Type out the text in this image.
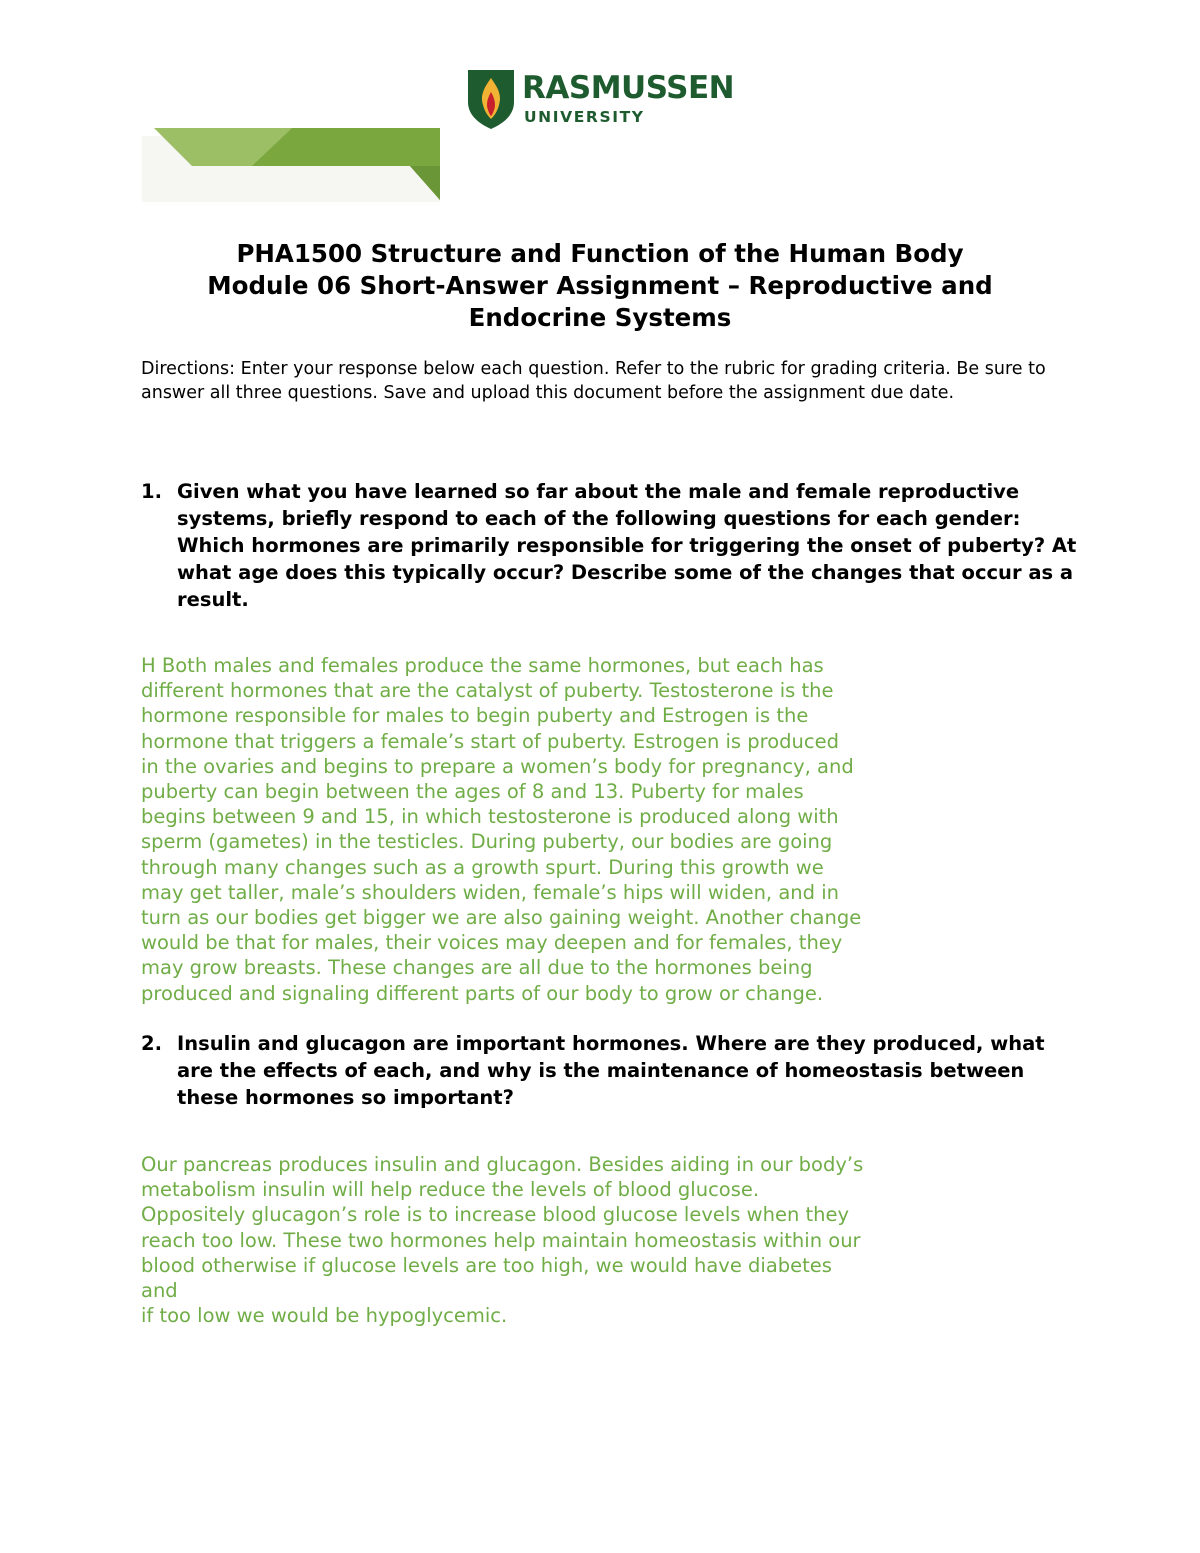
RASMUSSEN
UNIVERSITY
PHA1500 Structure and Function of the Human Body
Module 06 Short-Answer Assignment – Reproductive and
Endocrine Systems
Directions: Enter your response below each question. Refer to the rubric for grading criteria. Be sure to answer all three questions. Save and upload this document before the assignment due date.
1. Given what you have learned so far about the male and female reproductive systems, briefly respond to each of the following questions for each gender: Which hormones are primarily responsible for triggering the onset of puberty? At what age does this typically occur? Describe some of the changes that occur as a result.
H Both males and females produce the same hormones, but each has
different hormones that are the catalyst of puberty. Testosterone is the
hormone responsible for males to begin puberty and Estrogen is the
hormone that triggers a female’s start of puberty. Estrogen is produced
in the ovaries and begins to prepare a women’s body for pregnancy, and
puberty can begin between the ages of 8 and 13. Puberty for males
begins between 9 and 15, in which testosterone is produced along with
sperm (gametes) in the testicles. During puberty, our bodies are going
through many changes such as a growth spurt. During this growth we
may get taller, male’s shoulders widen, female’s hips will widen, and in
turn as our bodies get bigger we are also gaining weight. Another change
would be that for males, their voices may deepen and for females, they
may grow breasts. These changes are all due to the hormones being
produced and signaling different parts of our body to grow or change.
2. Insulin and glucagon are important hormones. Where are they produced, what are the effects of each, and why is the maintenance of homeostasis between these hormones so important?
Our pancreas produces insulin and glucagon. Besides aiding in our body’s
metabolism insulin will help reduce the levels of blood glucose.
Oppositely glucagon’s role is to increase blood glucose levels when they
reach too low. These two hormones help maintain homeostasis within our
blood otherwise if glucose levels are too high, we would have diabetes
and
if too low we would be hypoglycemic.
